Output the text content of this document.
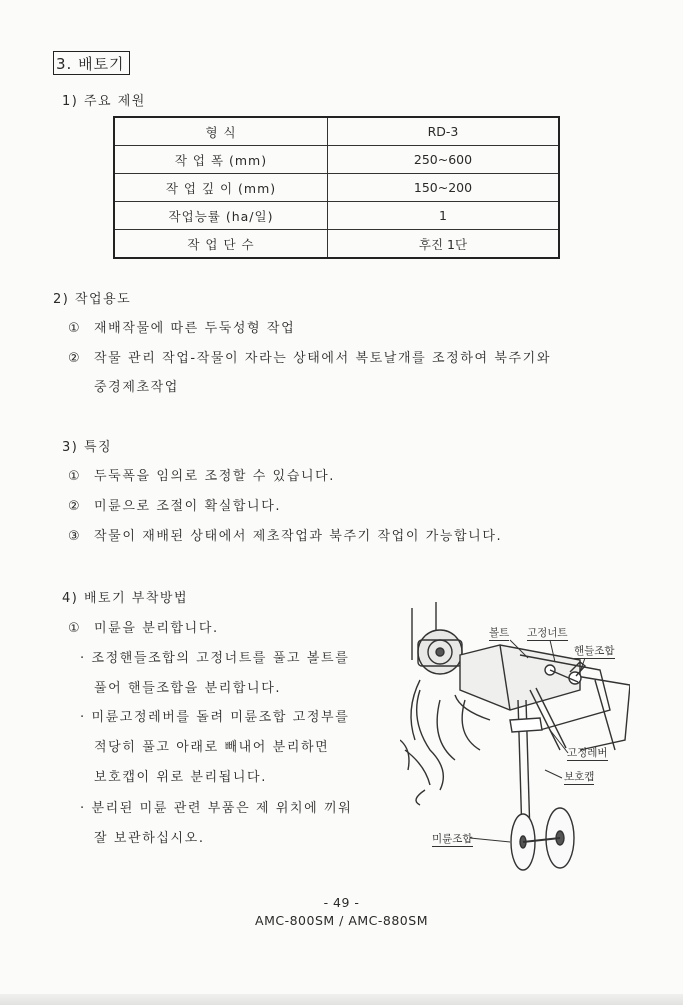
3. 배토기
1) 주요 제원
형 식	RD-3
작 업 폭 (mm)	250~600
작 업 깊 이 (mm)	150~200
작업능률 (ha/일)	1
작 업 단 수	후진 1단
2) 작업용도
① 재배작물에 따른 두둑성형 작업
② 작물 관리 작업-작물이 자라는 상태에서 복토날개를 조정하여 북주기와
중경제초작업
3) 특징
① 두둑폭을 임의로 조정할 수 있습니다.
② 미륜으로 조절이 확실합니다.
③ 작물이 재배된 상태에서 제초작업과 북주기 작업이 가능합니다.
4) 배토기 부착방법
① 미륜을 분리합니다.
· 조정핸들조합의 고정너트를 풀고 볼트를
풀어 핸들조합을 분리합니다.
· 미륜고정레버를 돌려 미륜조합 고정부를
적당히 풀고 아래로 빼내어 분리하면
보호캡이 위로 분리됩니다.
· 분리된 미륜 관련 부품은 제 위치에 끼워
잘 보관하십시오.
볼트 고정너트
핸들조합
고정레버
보호캡
미륜조합
- 49 -
AMC-800SM / AMC-880SM
